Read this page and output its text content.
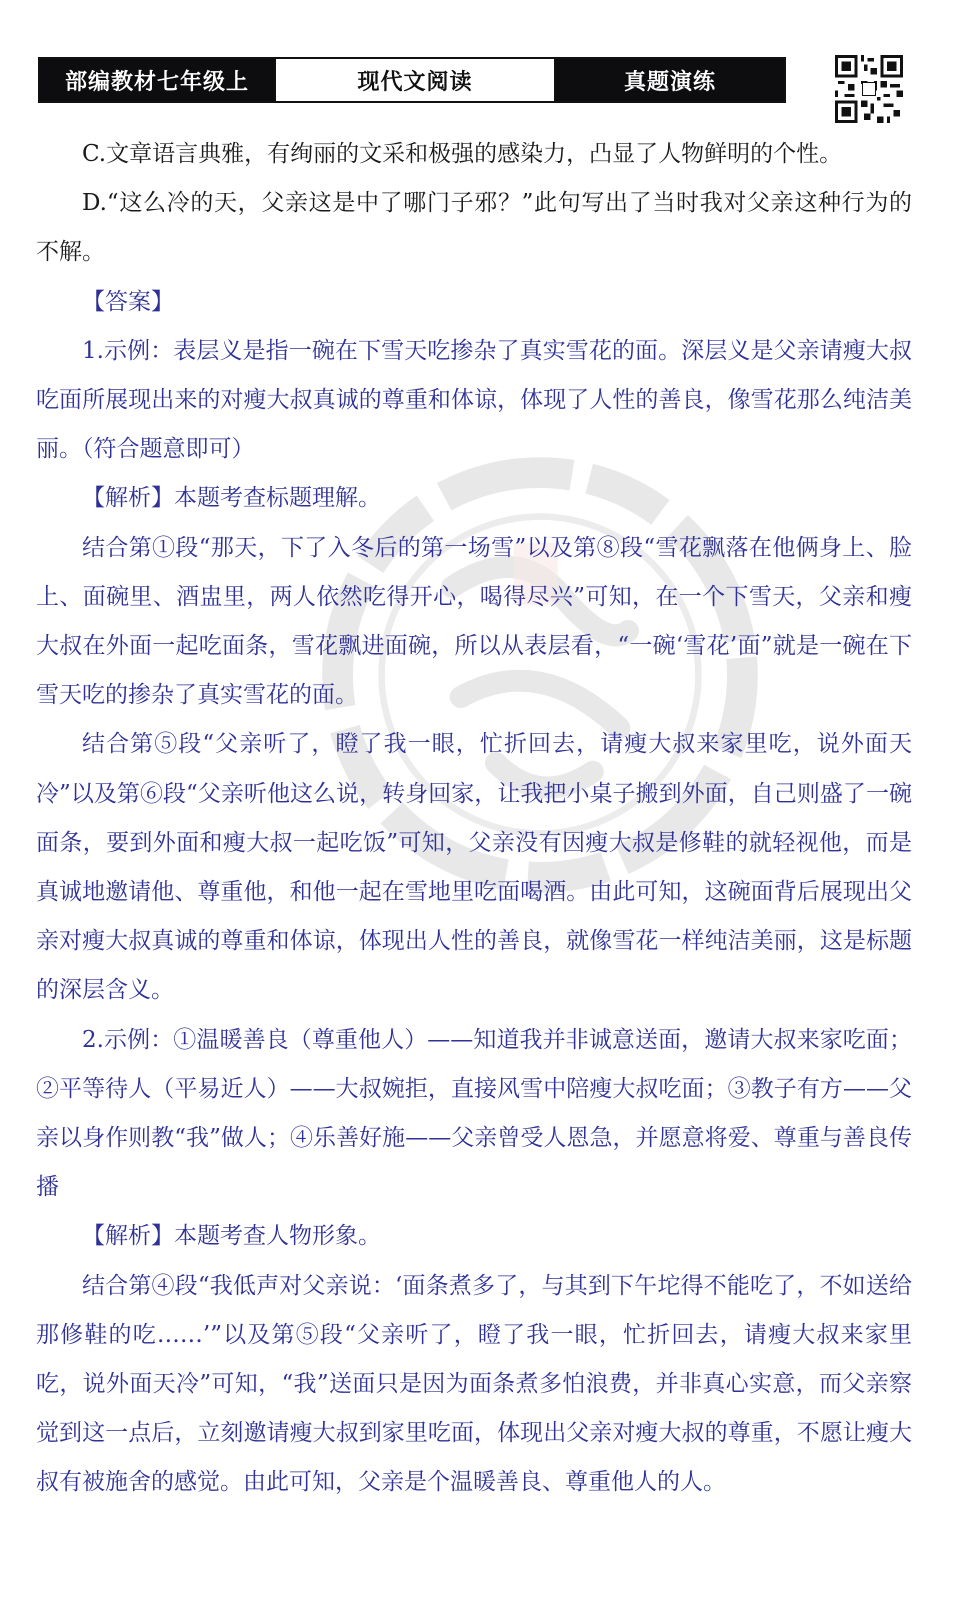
部编教材七年级上	现代文阅读	真题演练

C.文章语言典雅，有绚丽的文采和极强的感染力，凸显了人物鲜明的个性。

D.“这么冷的天，父亲这是中了哪门子邪？”此句写出了当时我对父亲这种行为的不解。

【答案】

1.示例：表层义是指一碗在下雪天吃掺杂了真实雪花的面。深层义是父亲请瘦大叔吃面所展现出来的对瘦大叔真诚的尊重和体谅，体现了人性的善良，像雪花那么纯洁美丽。（符合题意即可）

【解析】本题考查标题理解。

结合第①段“那天，下了入冬后的第一场雪”以及第⑧段“雪花飘落在他俩身上、脸上、面碗里、酒盅里，两人依然吃得开心，喝得尽兴”可知，在一个下雪天，父亲和瘦大叔在外面一起吃面条，雪花飘进面碗，所以从表层看，“一碗‘雪花’面”就是一碗在下雪天吃的掺杂了真实雪花的面。

结合第⑤段“父亲听了，瞪了我一眼，忙折回去，请瘦大叔来家里吃，说外面天冷”以及第⑥段“父亲听他这么说，转身回家，让我把小桌子搬到外面，自己则盛了一碗面条，要到外面和瘦大叔一起吃饭”可知，父亲没有因瘦大叔是修鞋的就轻视他，而是真诚地邀请他、尊重他，和他一起在雪地里吃面喝酒。由此可知，这碗面背后展现出父亲对瘦大叔真诚的尊重和体谅，体现出人性的善良，就像雪花一样纯洁美丽，这是标题的深层含义。

2.示例：①温暖善良（尊重他人）——知道我并非诚意送面，邀请大叔来家吃面；②平等待人（平易近人）——大叔婉拒，直接风雪中陪瘦大叔吃面；③教子有方——父亲以身作则教“我”做人；④乐善好施——父亲曾受人恩急，并愿意将爱、尊重与善良传播

【解析】本题考查人物形象。

结合第④段“我低声对父亲说：‘面条煮多了，与其到下午坨得不能吃了，不如送给那修鞋的吃……’”以及第⑤段“父亲听了，瞪了我一眼，忙折回去，请瘦大叔来家里吃，说外面天冷”可知，“我”送面只是因为面条煮多怕浪费，并非真心实意，而父亲察觉到这一点后，立刻邀请瘦大叔到家里吃面，体现出父亲对瘦大叔的尊重，不愿让瘦大叔有被施舍的感觉。由此可知，父亲是个温暖善良、尊重他人的人。
